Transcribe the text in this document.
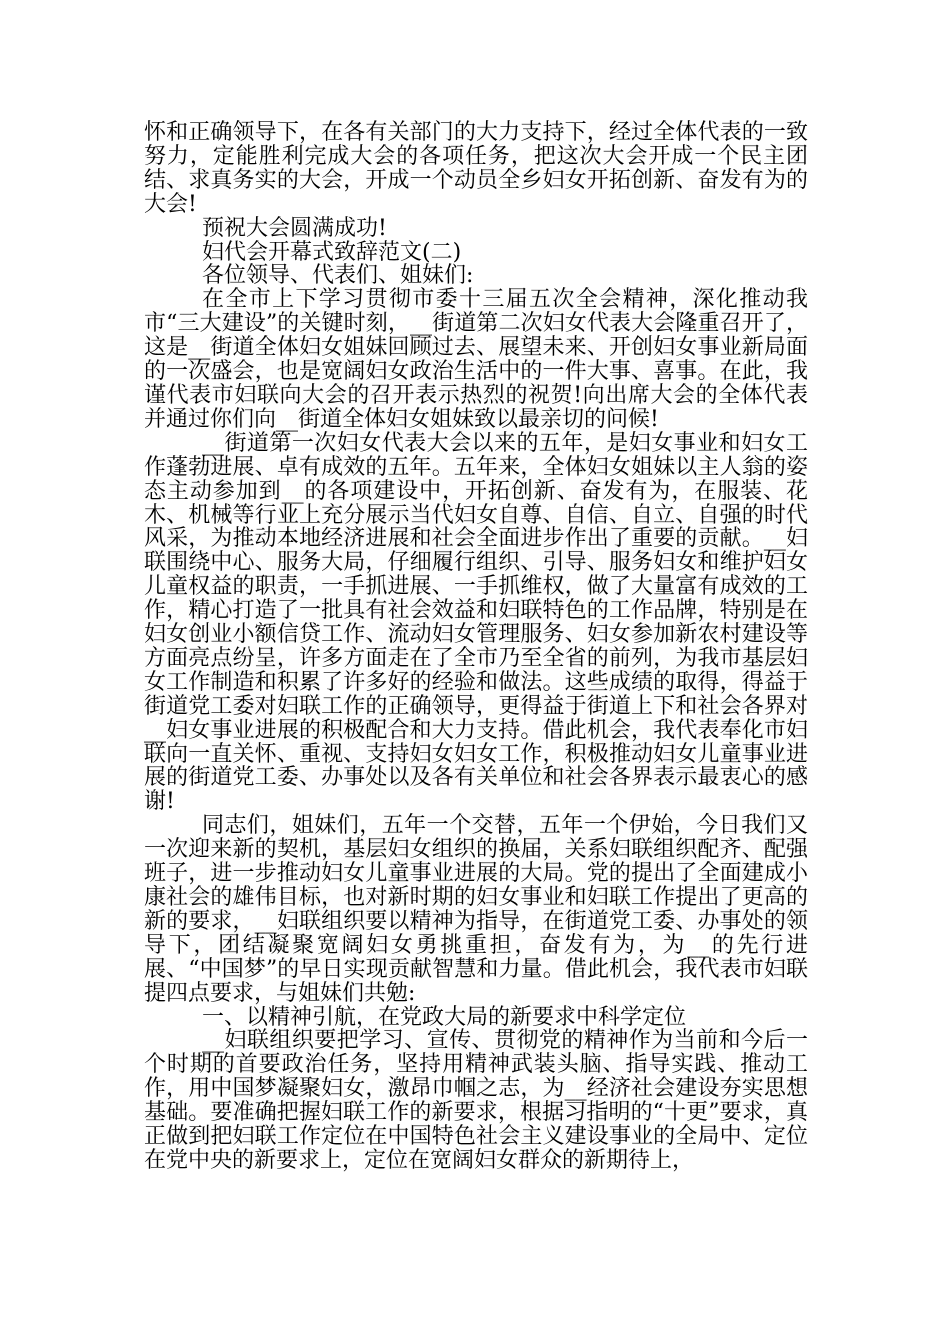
怀和正确领导下，在各有关部门的大力支持下，经过全体代表的一致努力，定能胜利完成大会的各项任务，把这次大会开成一个民主团结、求真务实的大会，开成一个动员全乡妇女开拓创新、奋发有为的大会!

预祝大会圆满成功!

妇代会开幕式致辞范文(二)

各位领导、代表们、姐妹们:

在全市上下学习贯彻市委十三届五次全会精神，深化推动我市“三大建设”的关键时刻，__街道第二次妇女代表大会隆重召开了，这是__街道全体妇女姐妹回顾过去、展望未来、开创妇女事业新局面的一次盛会，也是宽阔妇女政治生活中的一件大事、喜事。在此，我谨代表市妇联向大会的召开表示热烈的祝贺!向出席大会的全体代表并通过你们向__街道全体妇女姐妹致以最亲切的问候!

__街道第一次妇女代表大会以来的五年，是妇女事业和妇女工作蓬勃进展、卓有成效的五年。五年来，全体妇女姐妹以主人翁的姿态主动参加到__的各项建设中，开拓创新、奋发有为，在服装、花木、机械等行业上充分展示当代妇女自尊、自信、自立、自强的时代风采，为推动本地经济进展和社会全面进步作出了重要的贡献。__妇联围绕中心、服务大局，仔细履行组织、引导、服务妇女和维护妇女儿童权益的职责，一手抓进展、一手抓维权，做了大量富有成效的工作，精心打造了一批具有社会效益和妇联特色的工作品牌，特别是在妇女创业小额信贷工作、流动妇女管理服务、妇女参加新农村建设等方面亮点纷呈，许多方面走在了全市乃至全省的前列，为我市基层妇女工作制造和积累了许多好的经验和做法。这些成绩的取得，得益于街道党工委对妇联工作的正确领导，更得益于街道上下和社会各界对__妇女事业进展的积极配合和大力支持。借此机会，我代表奉化市妇联向一直关怀、重视、支持妇女妇女工作，积极推动妇女儿童事业进展的街道党工委、办事处以及各有关单位和社会各界表示最衷心的感谢!

同志们，姐妹们，五年一个交替，五年一个伊始，今日我们又一次迎来新的契机，基层妇女组织的换届，关系妇联组织配齐、配强班子，进一步推动妇女儿童事业进展的大局。党的提出了全面建成小康社会的雄伟目标，也对新时期的妇女事业和妇联工作提出了更高的新的要求，__妇联组织要以精神为指导，在街道党工委、办事处的领导下，团结凝聚宽阔妇女勇挑重担，奋发有为，为__的先行进展、“中国梦”的早日实现贡献智慧和力量。借此机会，我代表市妇联提四点要求，与姐妹们共勉:

一、以精神引航，在党政大局的新要求中科学定位

__妇联组织要把学习、宣传、贯彻党的精神作为当前和今后一个时期的首要政治任务，坚持用精神武装头脑、指导实践、推动工作，用中国梦凝聚妇女，激昂巾帼之志，为__经济社会建设夯实思想基础。要准确把握妇联工作的新要求，根据习指明的“十更”要求，真正做到把妇联工作定位在中国特色社会主义建设事业的全局中、定位在党中央的新要求上，定位在宽阔妇女群众的新期待上，
